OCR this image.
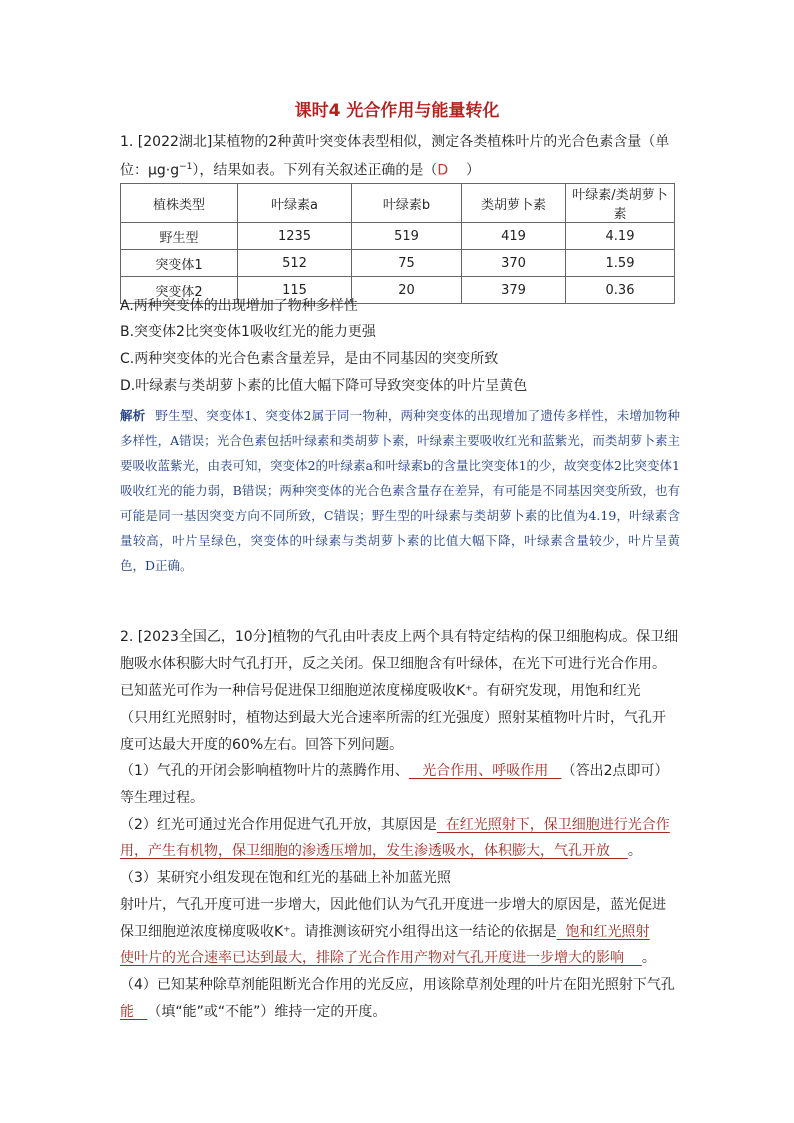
课时4 光合作用与能量转化
1. [2022湖北]某植物的2种黄叶突变体表型相似，测定各类植株叶片的光合色素含量（单
位：$\mu g\cdot g^{-1}$），结果如表。下列有关叙述正确的是（D    ）
植株类型	叶绿素a	叶绿素b	类胡萝卜素	叶绿素/类胡萝卜素
野生型	1235	519	419	4.19
突变体1	512	75	370	1.59
突变体2	115	20	379	0.36
A.两种突变体的出现增加了物种多样性
B.突变体2比突变体1吸收红光的能力更强
C.两种突变体的光合色素含量差异，是由不同基因的突变所致
D.叶绿素与类胡萝卜素的比值大幅下降可导致突变体的叶片呈黄色
解析 野生型、突变体1、突变体2属于同一物种，两种突变体的出现增加了遗传多样性，未增加物种多样性，A错误；光合色素包括叶绿素和类胡萝卜素，叶绿素主要吸收红光和蓝紫光，而类胡萝卜素主要吸收蓝紫光，由表可知，突变体2的叶绿素a和叶绿素b的含量比突变体1的少，故突变体2比突变体1吸收红光的能力弱，B错误；两种突变体的光合色素含量存在差异，有可能是不同基因突变所致，也有可能是同一基因突变方向不同所致，C错误；野生型的叶绿素与类胡萝卜素的比值为4.19，叶绿素含量较高，叶片呈绿色，突变体的叶绿素与类胡萝卜素的比值大幅下降，叶绿素含量较少，叶片呈黄色，D正确。
2. [2023全国乙，10分]植物的气孔由叶表皮上两个具有特定结构的保卫细胞构成。保卫细
胞吸水体积膨大时气孔打开，反之关闭。保卫细胞含有叶绿体，在光下可进行光合作用。
已知蓝光可作为一种信号促进保卫细胞逆浓度梯度吸收K⁺。有研究发现，用饱和红光
（只用红光照射时，植物达到最大光合速率所需的红光强度）照射某植物叶片时，气孔开
度可达最大开度的60%左右。回答下列问题。
（1）气孔的开闭会影响植物叶片的蒸腾作用、   光合作用、呼吸作用   （答出2点即可）
等生理过程。
（2）红光可通过光合作用促进气孔开放，其原因是  在红光照射下，保卫细胞进行光合作
用，产生有机物，保卫细胞的渗透压增加，发生渗透吸水，体积膨大，气孔开放    。
（3）某研究小组发现在饱和红光的基础上补加蓝光照
射叶片，气孔开度可进一步增大，因此他们认为气孔开度进一步增大的原因是，蓝光促进
保卫细胞逆浓度梯度吸收K⁺。请推测该研究小组得出这一结论的依据是  饱和红光照射
使叶片的光合速率已达到最大，排除了光合作用产物对气孔开度进一步增大的影响    。
（4）已知某种除草剂能阻断光合作用的光反应，用该除草剂处理的叶片在阳光照射下气孔
能   （填“能”或“不能”）维持一定的开度。
